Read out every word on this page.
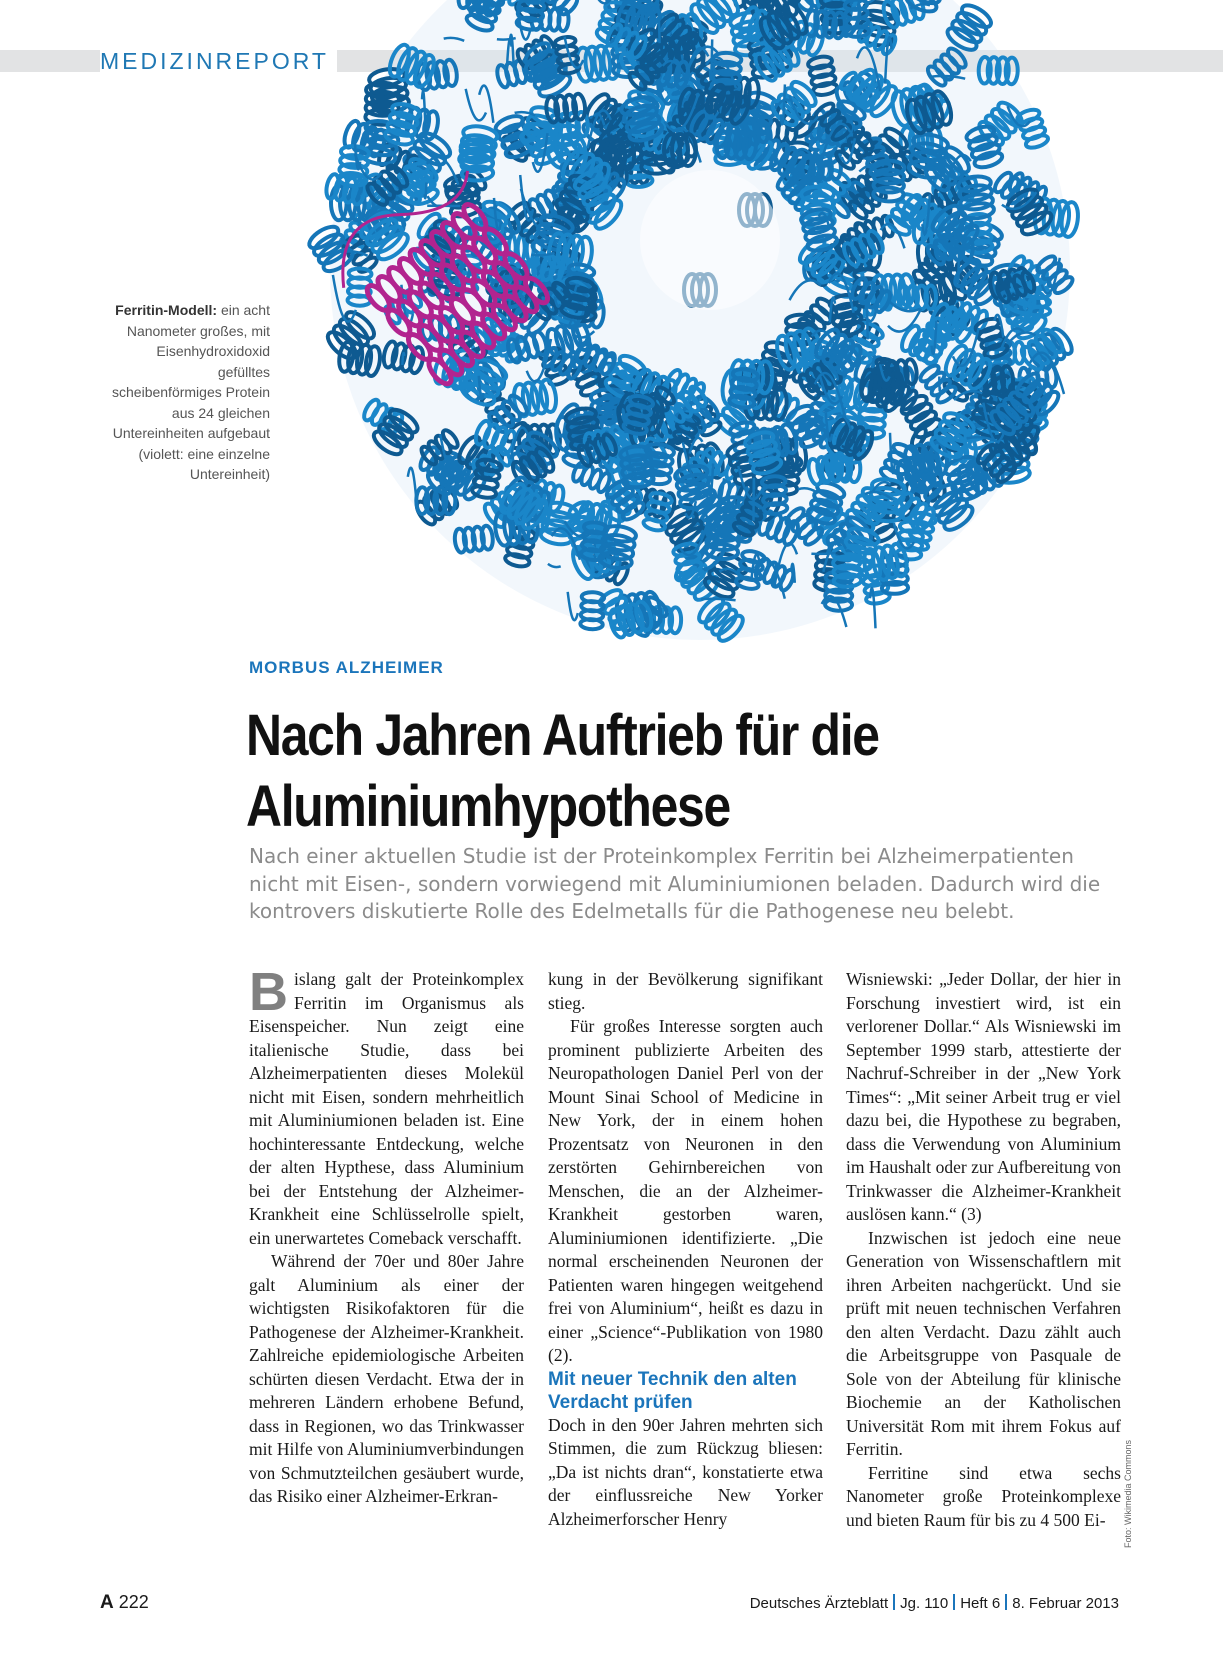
MEDIZINREPORT
Ferritin-Modell: ein acht Nanometer großes, mit Eisenhydroxidoxid gefülltes scheibenförmiges Protein aus 24 gleichen Untereinheiten aufgebaut (violett: eine einzelne Untereinheit)
MORBUS ALZHEIMER
Nach Jahren Auftrieb für die
Aluminiumhypothese
Nach einer aktuellen Studie ist der Proteinkomplex Ferritin bei Alzheimerpatienten nicht mit Eisen-, sondern vorwiegend mit Aluminiumionen beladen. Dadurch wird die kontrovers diskutierte Rolle des Edelmetalls für die Pathogenese neu belebt.

Bislang galt der Proteinkomplex Ferritin im Organismus als Eisenspeicher. Nun zeigt eine italienische Studie, dass bei Alzheimerpatienten dieses Molekül nicht mit Eisen, sondern mehrheitlich mit Aluminiumionen beladen ist. Eine hochinteressante Entdeckung, welche der alten Hypthese, dass Aluminium bei der Entstehung der Alzheimer-Krankheit eine Schlüsselrolle spielt, ein unerwartetes Comeback verschafft.

Während der 70er und 80er Jahre galt Aluminium als einer der wichtigsten Risikofaktoren für die Pathogenese der Alzheimer-Krankheit. Zahlreiche epidemiologische Arbeiten schürten diesen Verdacht. Etwa der in mehreren Ländern erhobene Befund, dass in Regionen, wo das Trinkwasser mit Hilfe von Aluminiumverbindungen von Schmutzteilchen gesäubert wurde, das Risiko einer Alzheimer-Erkran-

kung in der Bevölkerung signifikant stieg.

Für großes Interesse sorgten auch prominent publizierte Arbeiten des Neuropathologen Daniel Perl von der Mount Sinai School of Medicine in New York, der in einem hohen Prozentsatz von Neuronen in den zerstörten Gehirnbereichen von Menschen, die an der Alzheimer-Krankheit gestorben waren, Aluminiumionen identifizierte. „Die normal erscheinenden Neuronen der Patienten waren hingegen weitgehend frei von Aluminium“, heißt es dazu in einer „Science“-Publikation von 1980 (2).

Mit neuer Technik den alten Verdacht prüfen

Doch in den 90er Jahren mehrten sich Stimmen, die zum Rückzug bliesen: „Da ist nichts dran“, konstatierte etwa der einflussreiche New Yorker Alzheimerforscher Henry

Wisniewski: „Jeder Dollar, der hier in Forschung investiert wird, ist ein verlorener Dollar.“ Als Wisniewski im September 1999 starb, attestierte der Nachruf-Schreiber in der „New York Times“: „Mit seiner Arbeit trug er viel dazu bei, die Hypothese zu begraben, dass die Verwendung von Aluminium im Haushalt oder zur Aufbereitung von Trinkwasser die Alzheimer-Krankheit auslösen kann.“ (3)

Inzwischen ist jedoch eine neue Generation von Wissenschaftlern mit ihren Arbeiten nachgerückt. Und sie prüft mit neuen technischen Verfahren den alten Verdacht. Dazu zählt auch die Arbeitsgruppe von Pasquale de Sole von der Abteilung für klinische Biochemie an der Katholischen Universität Rom mit ihrem Fokus auf Ferritin.

Ferritine sind etwa sechs Nanometer große Proteinkomplexe und bieten Raum für bis zu 4 500 Ei-	Foto: Wikimedia Commons
A 222	Deutsches Ärzteblatt Jg. 110 Heft 6 8. Februar 2013
